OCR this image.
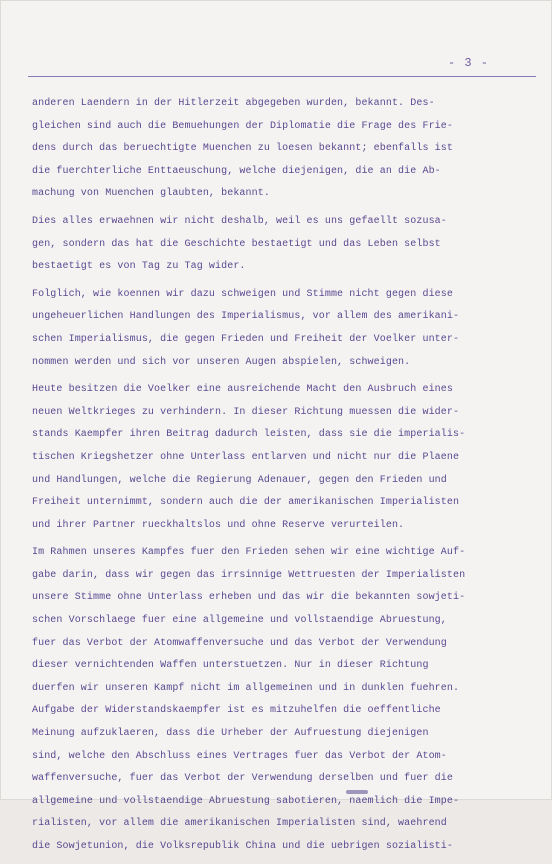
- 3 -

anderen Laendern in der Hitlerzeit abgegeben wurden, bekannt. Des-
gleichen sind auch die Bemuehungen der Diplomatie die Frage des Frie-
dens durch das beruechtigte Muenchen zu loesen bekannt; ebenfalls ist
die fuerchterliche Enttaeuschung, welche diejenigen, die an die Ab-
machung von Muenchen glaubten, bekannt.

Dies alles erwaehnen wir nicht deshalb, weil es uns gefaellt sozusa-
gen, sondern das hat die Geschichte bestaetigt und das Leben selbst
bestaetigt es von Tag zu Tag wider.

Folglich, wie koennen wir dazu schweigen und Stimme nicht gegen diese
ungeheuerlichen Handlungen des Imperialismus, vor allem des amerikani-
schen Imperialismus, die gegen Frieden und Freiheit der Voelker unter-
nommen werden und sich vor unseren Augen abspielen, schweigen.

Heute besitzen die Voelker eine ausreichende Macht den Ausbruch eines
neuen Weltkrieges zu verhindern. In dieser Richtung muessen die wider-
stands Kaempfer ihren Beitrag dadurch leisten, dass sie die imperialis-
tischen Kriegshetzer ohne Unterlass entlarven und nicht nur die Plaene
und Handlungen, welche die Regierung Adenauer, gegen den Frieden und
Freiheit unternimmt, sondern auch die der amerikanischen Imperialisten
und ihrer Partner rueckhaltslos und ohne Reserve verurteilen.

Im Rahmen unseres Kampfes fuer den Frieden sehen wir eine wichtige Auf-
gabe darin, dass wir gegen das irrsinnige Wettruesten der Imperialisten
unsere Stimme ohne Unterlass erheben und das wir die bekannten sowjeti-
schen Vorschlaege fuer eine allgemeine und vollstaendige Abruestung,
fuer das Verbot der Atomwaffenversuche und das Verbot der Verwendung
dieser vernichtenden Waffen unterstuetzen. Nur in dieser Richtung
duerfen wir unseren Kampf nicht im allgemeinen und in dunklen fuehren.
Aufgabe der Widerstandskaempfer ist es mitzuhelfen die oeffentliche
Meinung aufzuklaeren, dass die Urheber der Aufruestung diejenigen
sind, welche den Abschluss eines Vertrages fuer das Verbot der Atom-
waffenversuche, fuer das Verbot der Verwendung derselben und fuer die
allgemeine und vollstaendige Abruestung sabotieren, naemlich die Impe-
rialisten, vor allem die amerikanischen Imperialisten sind, waehrend
die Sowjetunion, die Volksrepublik China und die uebrigen sozialisti-
